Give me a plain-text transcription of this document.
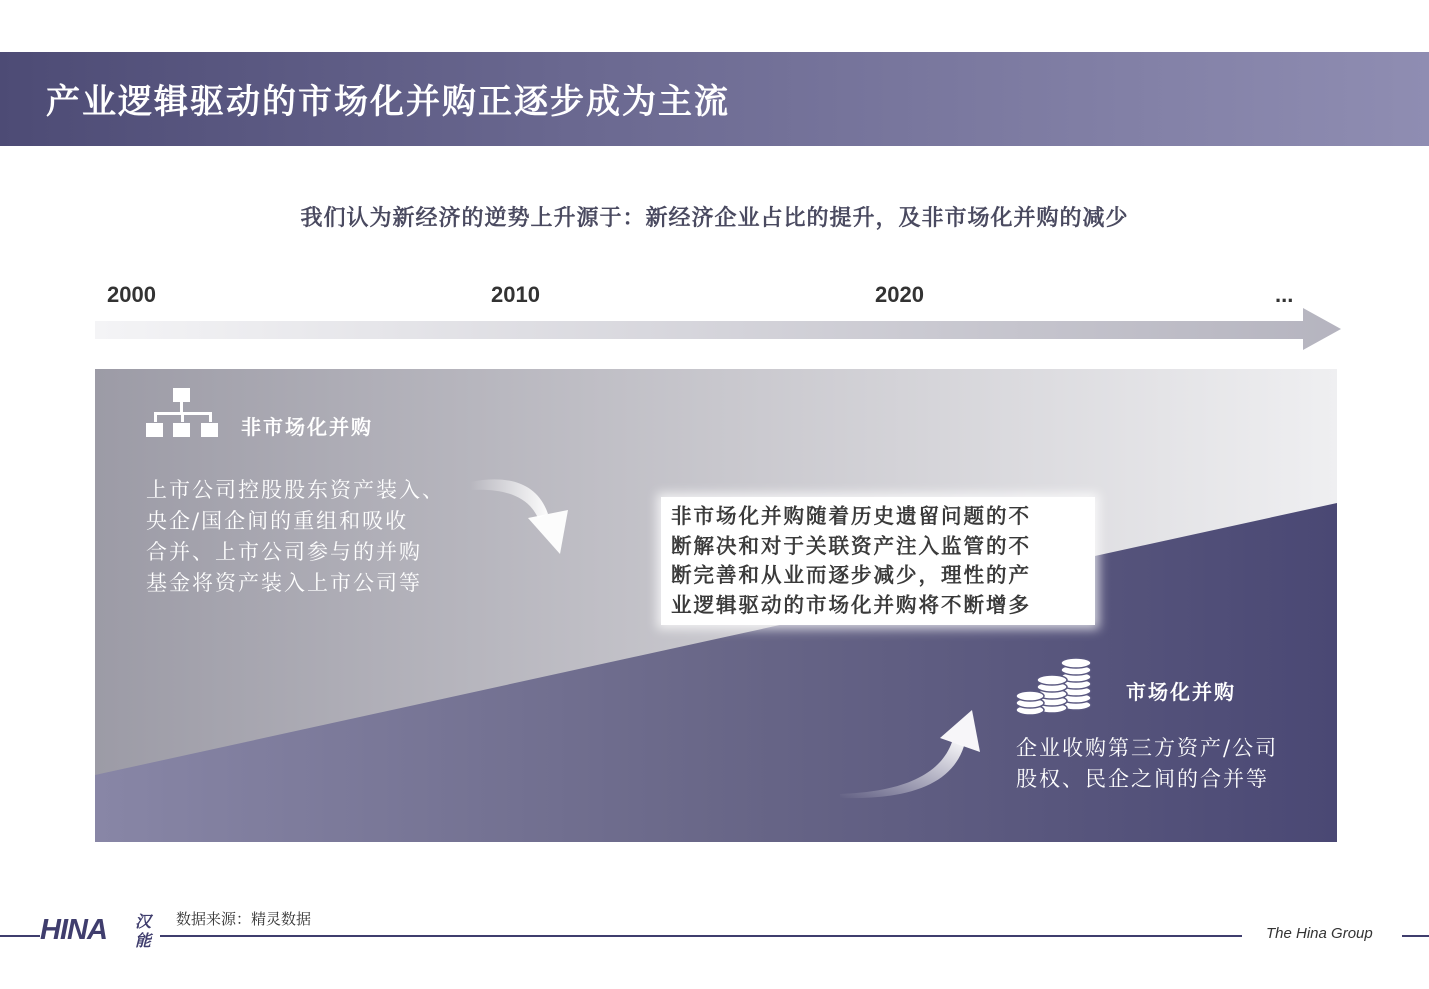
产业逻辑驱动的市场化并购正逐步成为主流
我们认为新经济的逆势上升源于：新经济企业占比的提升，及非市场化并购的减少
2000	2010	2020	...
非市场化并购
上市公司控股股东资产装入、
央企/国企间的重组和吸收
合并、上市公司参与的并购
基金将资产装入上市公司等
非市场化并购随着历史遗留问题的不
断解决和对于关联资产注入监管的不
断完善和从业而逐步减少，理性的产
业逻辑驱动的市场化并购将不断增多
市场化并购
企业收购第三方资产/公司
股权、民企之间的合并等
数据来源：精灵数据
HINA 汉能	The Hina Group
